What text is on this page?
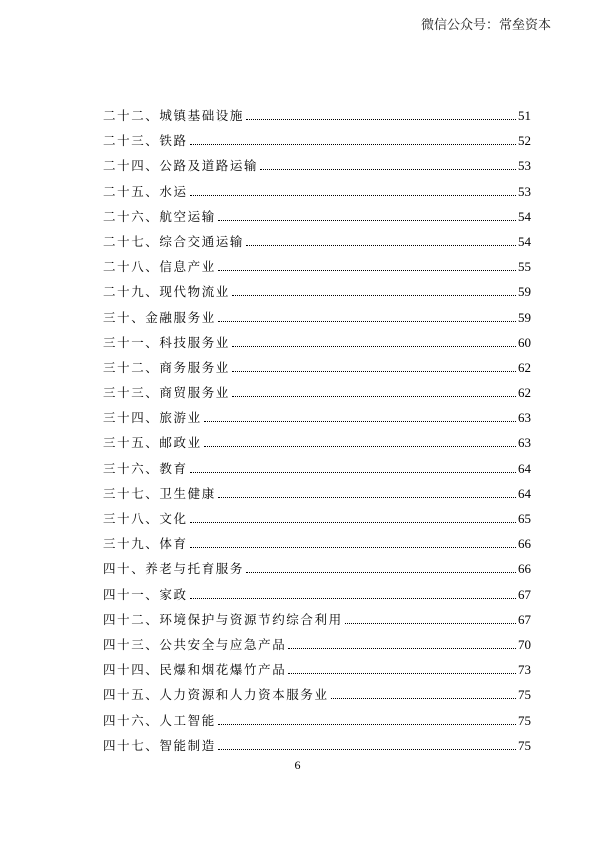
微信公众号：常垒资本
二十二、城镇基础设施	51
二十三、铁路	52
二十四、公路及道路运输	53
二十五、水运	53
二十六、航空运输	54
二十七、综合交通运输	54
二十八、信息产业	55
二十九、现代物流业	59
三十、金融服务业	59
三十一、科技服务业	60
三十二、商务服务业	62
三十三、商贸服务业	62
三十四、旅游业	63
三十五、邮政业	63
三十六、教育	64
三十七、卫生健康	64
三十八、文化	65
三十九、体育	66
四十、养老与托育服务	66
四十一、家政	67
四十二、环境保护与资源节约综合利用	67
四十三、公共安全与应急产品	70
四十四、民爆和烟花爆竹产品	73
四十五、人力资源和人力资本服务业	75
四十六、人工智能	75
四十七、智能制造	75
6
